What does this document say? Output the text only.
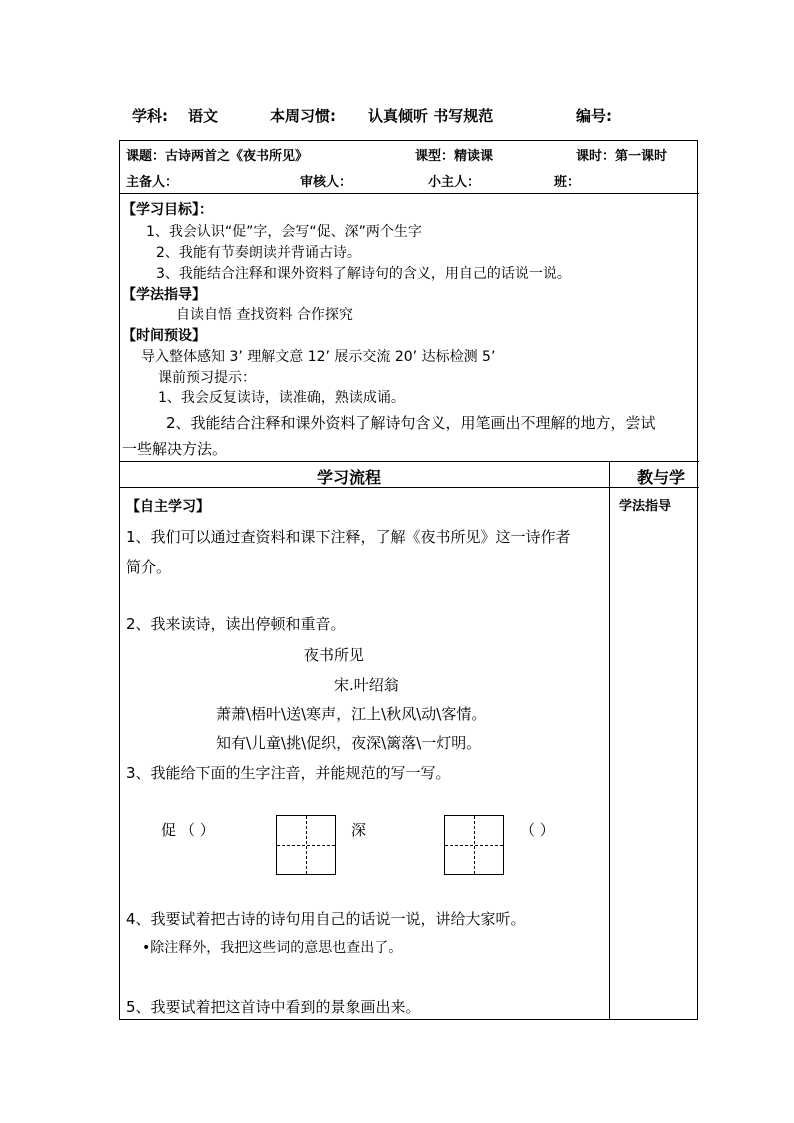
学科: 语文	本周习惯: 认真倾听 书写规范	编号:
课题：古诗两首之《夜书所见》	课型：精读课	课时：第一课时
主备人：	审核人：	小主人：	班：
【学习目标】：
1、我会认识“促”字，会写“促、深”两个生字
2、我能有节奏朗读并背诵古诗。
3、我能结合注释和课外资料了解诗句的含义，用自己的话说一说。
【学法指导】
自读自悟 查找资料 合作探究
【时间预设】
导入整体感知 3’ 理解文意 12’ 展示交流 20’ 达标检测 5’
课前预习提示：
1、我会反复读诗，读准确，熟读成诵。
2、我能结合注释和课外资料了解诗句含义，用笔画出不理解的地方，尝试
一些解决方法。
学习流程	教与学
学法指导
【自主学习】
1、我们可以通过查资料和课下注释，了解《夜书所见》这一诗作者
简介。
2、我来读诗，读出停顿和重音。
夜书所见
宋.叶绍翁
萧萧\梧叶\送\寒声，江上\秋风\动\客情。
知有\儿童\挑\促织，夜深\篱落\一灯明。
3、我能给下面的生字注音，并能规范的写一写。
促 （ ）	深	（ ）
4、我要试着把古诗的诗句用自己的话说一说，讲给大家听。
•除注释外，我把这些词的意思也查出了。
5、我要试着把这首诗中看到的景象画出来。
